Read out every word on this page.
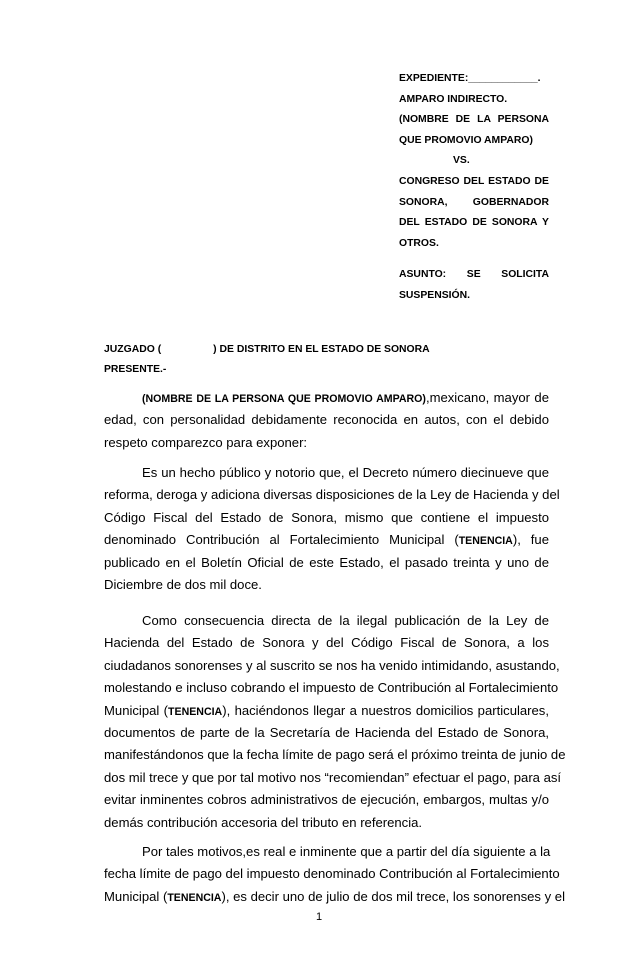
EXPEDIENTE:____________.
AMPARO INDIRECTO.
(NOMBRE DE LA PERSONA
QUE PROMOVIO AMPARO)
VS.
CONGRESO DEL ESTADO DE
SONORA, GOBERNADOR
DEL ESTADO DE SONORA Y
OTROS.
ASUNTO: SE SOLICITA
SUSPENSIÓN.
JUZGADO (	) DE DISTRITO EN EL ESTADO DE SONORA
PRESENTE.-
(NOMBRE DE LA PERSONA QUE PROMOVIO AMPARO),mexicano, mayor de
edad, con personalidad debidamente reconocida en autos, con el debido
respeto comparezco para exponer:
Es un hecho público y notorio que, el Decreto número diecinueve que
reforma, deroga y adiciona diversas disposiciones de la Ley de Hacienda y del
Código Fiscal del Estado de Sonora, mismo que contiene el impuesto
denominado Contribución al Fortalecimiento Municipal (TENENCIA), fue
publicado en el Boletín Oficial de este Estado, el pasado treinta y uno de
Diciembre de dos mil doce.
Como consecuencia directa de la ilegal publicación de la Ley de
Hacienda del Estado de Sonora y del Código Fiscal de Sonora, a los
ciudadanos sonorenses y al suscrito se nos ha venido intimidando, asustando,
molestando e incluso cobrando el impuesto de Contribución al Fortalecimiento
Municipal (TENENCIA), haciéndonos llegar a nuestros domicilios particulares,
documentos de parte de la Secretaría de Hacienda del Estado de Sonora,
manifestándonos que la fecha límite de pago será el próximo treinta de junio de
dos mil trece y que por tal motivo nos “recomiendan” efectuar el pago, para así
evitar inminentes cobros administrativos de ejecución, embargos, multas y/o
demás contribución accesoria del tributo en referencia.
Por tales motivos,es real e inminente que a partir del día siguiente a la
fecha límite de pago del impuesto denominado Contribución al Fortalecimiento
Municipal (TENENCIA), es decir uno de julio de dos mil trece, los sonorenses y el
1
